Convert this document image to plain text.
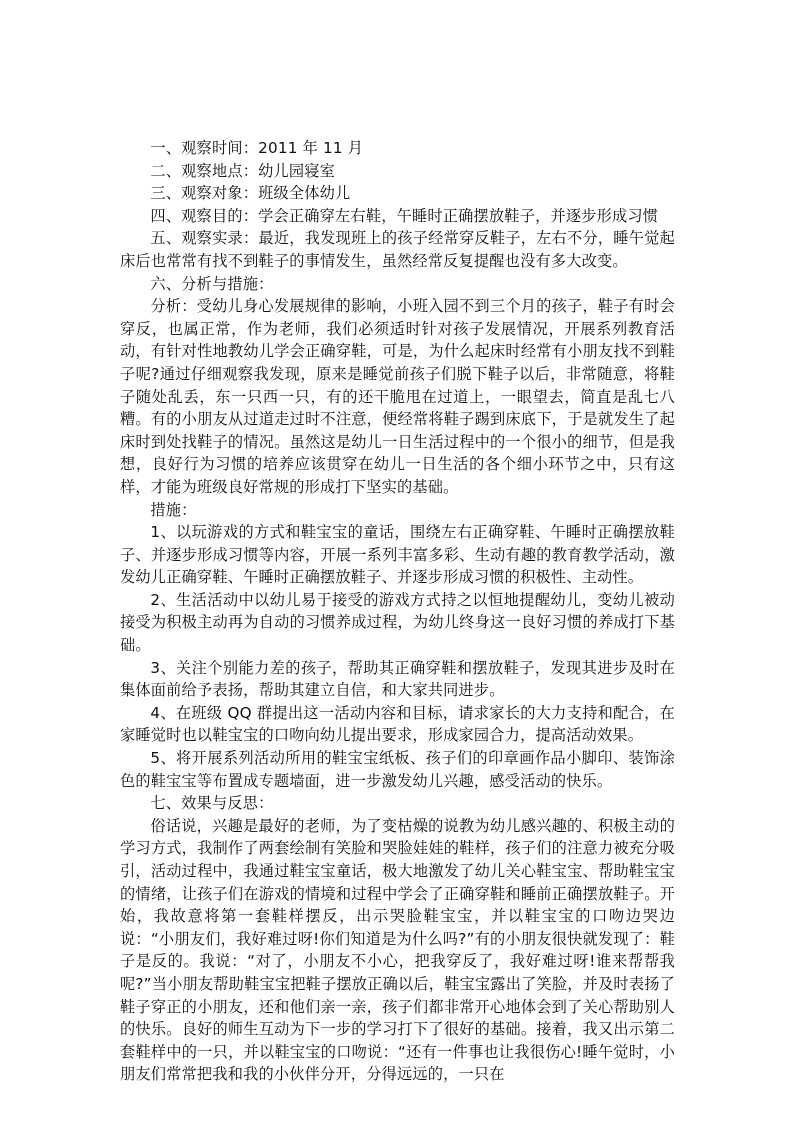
一、观察时间：2011 年 11 月

二、观察地点：幼儿园寝室

三、观察对象：班级全体幼儿

四、观察目的：学会正确穿左右鞋，午睡时正确摆放鞋子，并逐步形成习惯

五、观察实录：最近，我发现班上的孩子经常穿反鞋子，左右不分，睡午觉起床后也常常有找不到鞋子的事情发生，虽然经常反复提醒也没有多大改变。

六、分析与措施：

分析：受幼儿身心发展规律的影响，小班入园不到三个月的孩子，鞋子有时会穿反，也属正常，作为老师，我们必须适时针对孩子发展情况，开展系列教育活动，有针对性地教幼儿学会正确穿鞋，可是，为什么起床时经常有小朋友找不到鞋子呢?通过仔细观察我发现，原来是睡觉前孩子们脱下鞋子以后，非常随意，将鞋子随处乱丢，东一只西一只，有的还干脆甩在过道上，一眼望去，简直是乱七八糟。有的小朋友从过道走过时不注意，便经常将鞋子踢到床底下，于是就发生了起床时到处找鞋子的情况。虽然这是幼儿一日生活过程中的一个很小的细节，但是我想，良好行为习惯的培养应该贯穿在幼儿一日生活的各个细小环节之中，只有这样，才能为班级良好常规的形成打下坚实的基础。

措施：

1、以玩游戏的方式和鞋宝宝的童话，围绕左右正确穿鞋、午睡时正确摆放鞋子、并逐步形成习惯等内容，开展一系列丰富多彩、生动有趣的教育教学活动，激发幼儿正确穿鞋、午睡时正确摆放鞋子、并逐步形成习惯的积极性、主动性。

2、生活活动中以幼儿易于接受的游戏方式持之以恒地提醒幼儿，变幼儿被动接受为积极主动再为自动的习惯养成过程，为幼儿终身这一良好习惯的养成打下基础。

3、关注个别能力差的孩子，帮助其正确穿鞋和摆放鞋子，发现其进步及时在集体面前给予表扬，帮助其建立自信，和大家共同进步。

4、在班级 QQ 群提出这一活动内容和目标，请求家长的大力支持和配合，在家睡觉时也以鞋宝宝的口吻向幼儿提出要求，形成家园合力，提高活动效果。

5、将开展系列活动所用的鞋宝宝纸板、孩子们的印章画作品小脚印、装饰涂色的鞋宝宝等布置成专题墙面，进一步激发幼儿兴趣，感受活动的快乐。

七、效果与反思：

俗话说，兴趣是最好的老师，为了变枯燥的说教为幼儿感兴趣的、积极主动的学习方式，我制作了两套绘制有笑脸和哭脸娃娃的鞋样，孩子们的注意力被充分吸引，活动过程中，我通过鞋宝宝童话，极大地激发了幼儿关心鞋宝宝、帮助鞋宝宝的情绪，让孩子们在游戏的情境和过程中学会了正确穿鞋和睡前正确摆放鞋子。开始，我故意将第一套鞋样摆反，出示哭脸鞋宝宝，并以鞋宝宝的口吻边哭边说：“小朋友们，我好难过呀!你们知道是为什么吗?”有的小朋友很快就发现了：鞋子是反的。我说：“对了，小朋友不小心，把我穿反了，我好难过呀!谁来帮帮我呢?”当小朋友帮助鞋宝宝把鞋子摆放正确以后，鞋宝宝露出了笑脸，并及时表扬了鞋子穿正的小朋友，还和他们亲一亲，孩子们都非常开心地体会到了关心帮助别人的快乐。良好的师生互动为下一步的学习打下了很好的基础。接着，我又出示第二套鞋样中的一只，并以鞋宝宝的口吻说：“还有一件事也让我很伤心!睡午觉时，小朋友们常常把我和我的小伙伴分开，分得远远的，一只在
